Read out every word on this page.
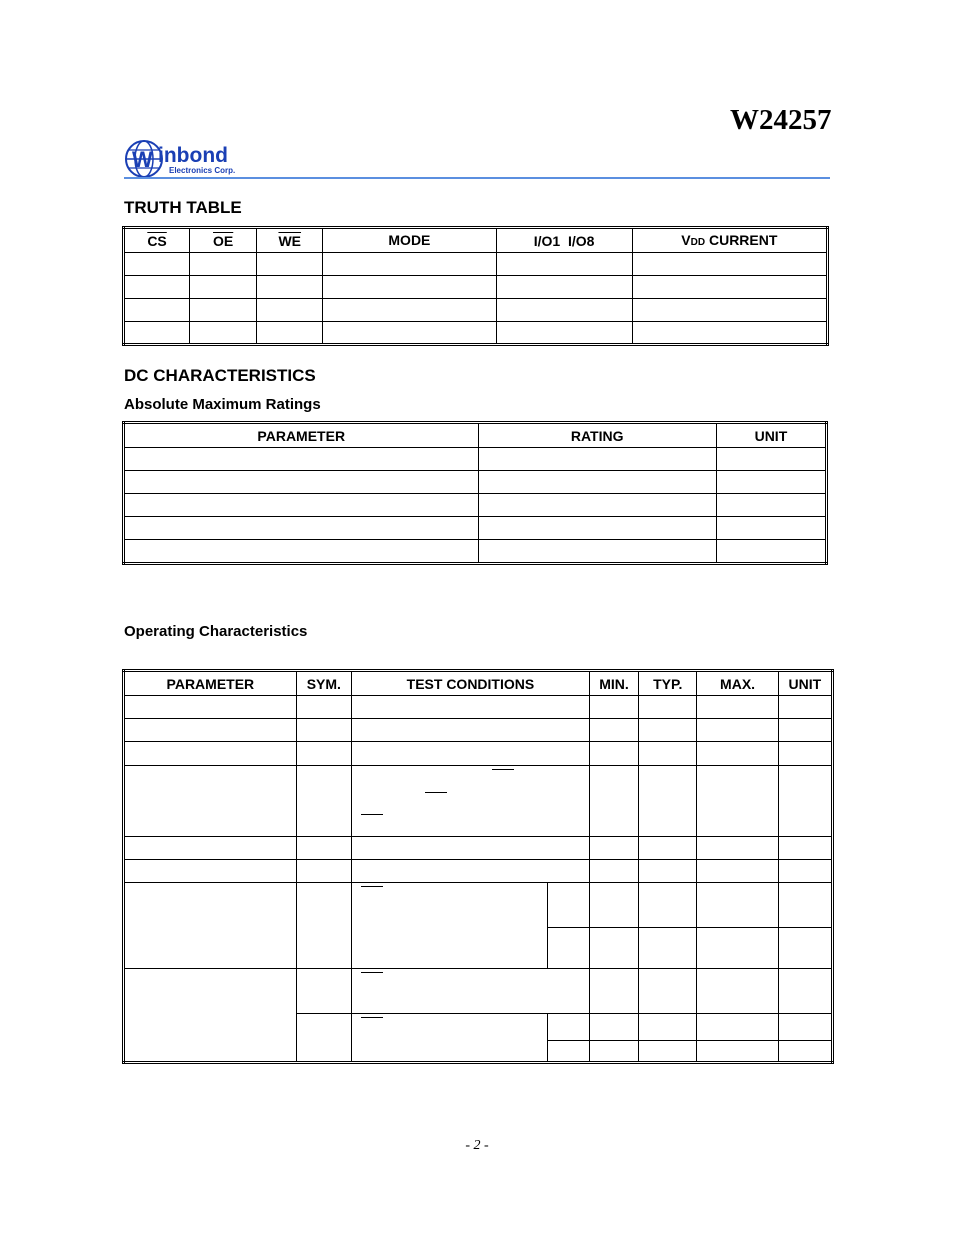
W24257
W inbond
Electronics Corp.
TRUTH TABLE
$\overline{CS}$	$\overline{OE}$	$\overline{WE}$	MODE	I/O1 I/O8	VDD CURRENT

DC CHARACTERISTICS
Absolute Maximum Ratings
PARAMETER	RATING	UNIT

Operating Characteristics
PARAMETER	SYM.	TEST CONDITIONS		MIN.	TYP.	MAX.	UNIT

- 2 -
